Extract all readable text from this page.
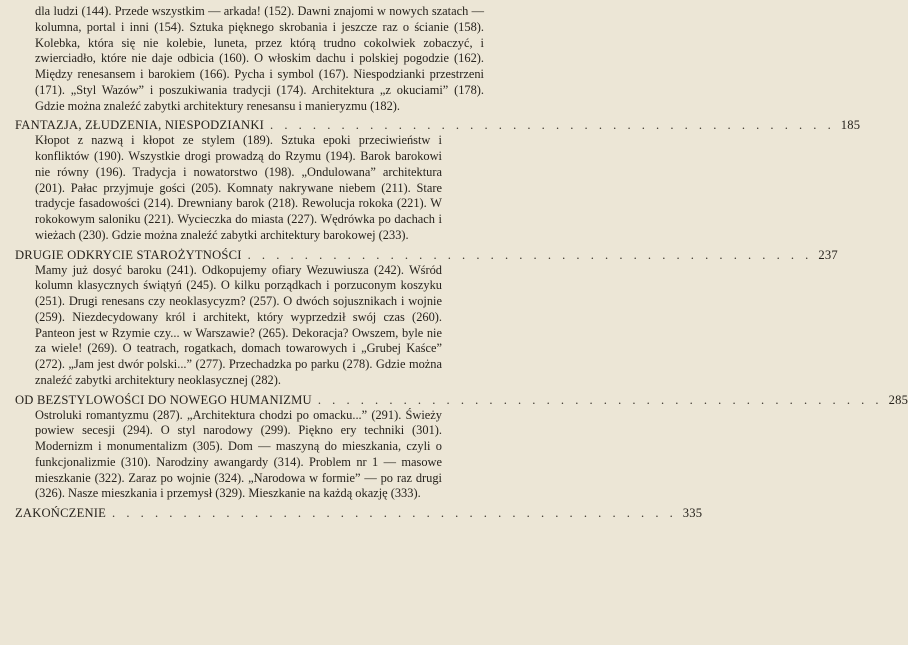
dla ludzi (144). Przede wszystkim — arkada! (152). Dawni znajomi w nowych szatach — kolumna, portal i inni (154). Sztuka pięknego skrobania i jeszcze raz o ścianie (158). Kolebka, która się nie kolebie, luneta, przez którą trudno cokolwiek zobaczyć, i zwierciadło, które nie daje odbicia (160). O włoskim dachu i polskiej pogodzie (162). Między renesansem i barokiem (166). Pycha i symbol (167). Niespodzianki przestrzeni (171). „Styl Wazów” i poszukiwania tradycji (174). Architektura „z okuciami” (178). Gdzie można znaleźć zabytki architektury renesansu i manieryzmu (182).
FANTAZJA, ZŁUDZENIA, NIESPODZIANKI . . . . . . . . . . . . . . . . . . . . . . . . . . . . . . . . . . . . . . . . 185
Kłopot z nazwą i kłopot ze stylem (189). Sztuka epoki przeciwieństw i konfliktów (190). Wszystkie drogi prowadzą do Rzymu (194). Barok barokowi nie równy (196). Tradycja i nowatorstwo (198). „Ondulowana” architektura (201). Pałac przyjmuje gości (205). Komnaty nakrywane niebem (211). Stare tradycje fasadowości (214). Drewniany barok (218). Rewolucja rokoka (221). W rokokowym saloniku (221). Wycieczka do miasta (227). Wędrówka po dachach i wieżach (230). Gdzie można znaleźć zabytki architektury barokowej (233).
DRUGIE ODKRYCIE STAROŻYTNOŚCI . . . . . . . . . . . . . . . . . . . . . . . . . . . . . . . . . . . . . . . . 237
Mamy już dosyć baroku (241). Odkopujemy ofiary Wezuwiusza (242). Wśród kolumn klasycznych świątyń (245). O kilku porządkach i porzuconym koszyku (251). Drugi renesans czy neoklasycyzm? (257). O dwóch sojusznikach i wojnie (259). Niezdecydowany król i architekt, który wyprzedził swój czas (260). Panteon jest w Rzymie czy... w Warszawie? (265). Dekoracja? Owszem, byle nie za wiele! (269). O teatrach, rogatkach, domach towarowych i „Grubej Kaśce” (272). „Jam jest dwór polski...” (277). Przechadzka po parku (278). Gdzie można znaleźć zabytki architektury neoklasycznej (282).
OD BEZSTYLOWOŚCI DO NOWEGO HUMANIZMU . . . . . . . . . . . . . . . . . . . . . . . . . . . . . . . . . . . . . . . . 285
Ostroluki romantyzmu (287). „Architektura chodzi po omacku...” (291). Świeży powiew secesji (294). O styl narodowy (299). Piękno ery techniki (301). Modernizm i monumentalizm (305). Dom — maszyną do mieszkania, czyli o funkcjonalizmie (310). Narodziny awangardy (314). Problem nr 1 — masowe mieszkanie (322). Zaraz po wojnie (324). „Narodowa w formie” — po raz drugi (326). Nasze mieszkania i przemysł (329). Mieszkanie na każdą okazję (333).
ZAKOŃCZENIE . . . . . . . . . . . . . . . . . . . . . . . . . . . . . . . . . . . . . . . . 335
